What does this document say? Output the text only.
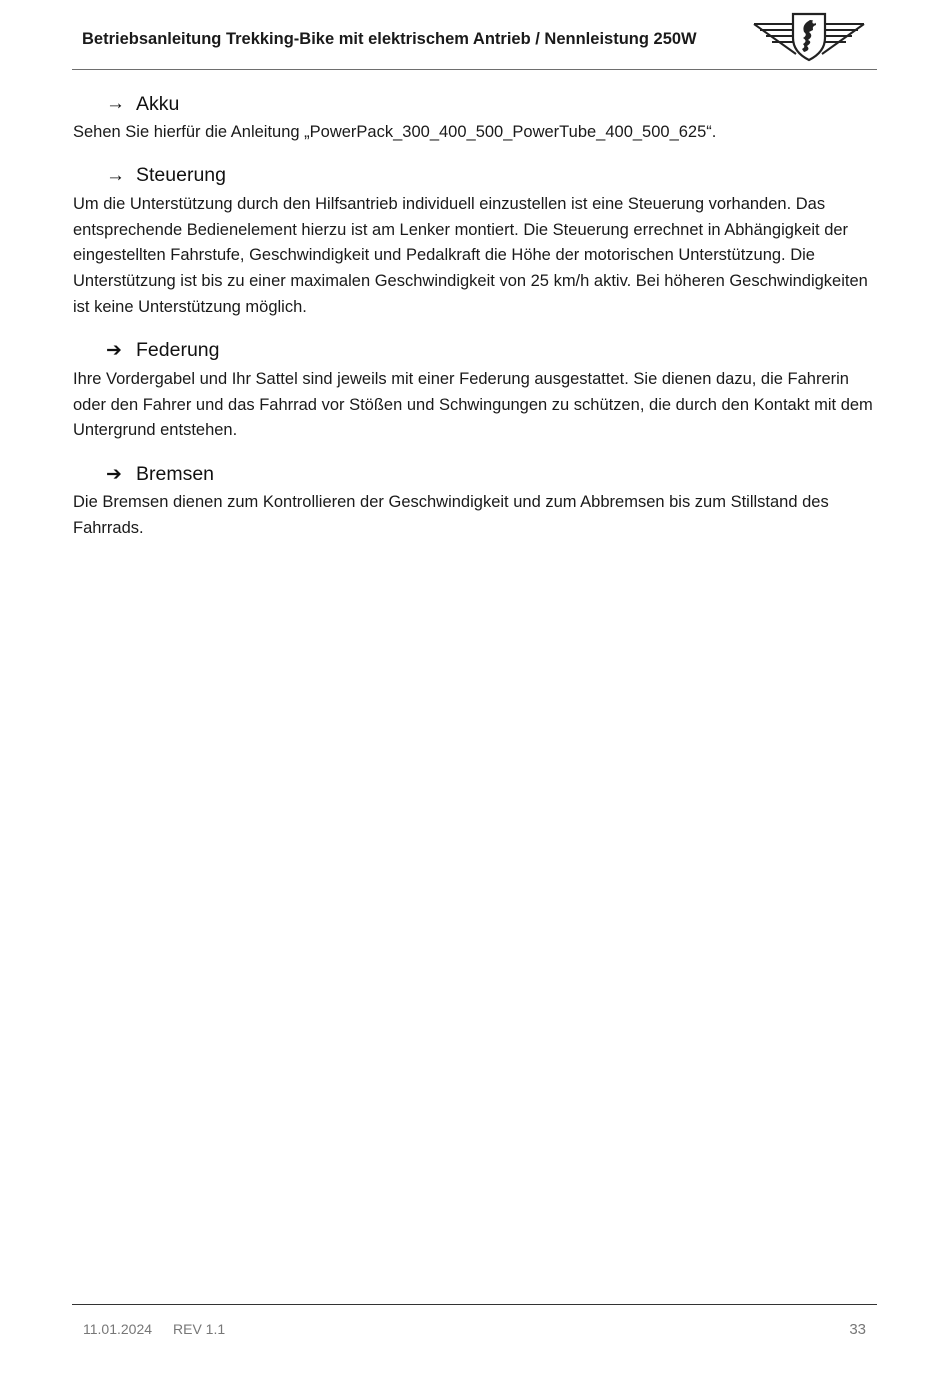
Betriebsanleitung Trekking-Bike mit elektrischem Antrieb / Nennleistung 250W
→ Akku

Sehen Sie hierfür die Anleitung „PowerPack_300_400_500_PowerTube_400_500_625“.

→ Steuerung

Um die Unterstützung durch den Hilfsantrieb individuell einzustellen ist eine Steuerung vorhanden. Das entsprechende Bedienelement hierzu ist am Lenker montiert. Die Steuerung errechnet in Abhängigkeit der eingestellten Fahrstufe, Geschwindigkeit und Pedalkraft die Höhe der motorischen Unterstützung. Die Unterstützung ist bis zu einer maximalen Geschwindigkeit von 25 km/h aktiv. Bei höheren Geschwindigkeiten ist keine Unterstützung möglich.

➔ Federung

Ihre Vordergabel und Ihr Sattel sind jeweils mit einer Federung ausgestattet. Sie dienen dazu, die Fahrerin oder den Fahrer und das Fahrrad vor Stößen und Schwingungen zu schützen, die durch den Kontakt mit dem Untergrund entstehen.

➔ Bremsen

Die Bremsen dienen zum Kontrollieren der Geschwindigkeit und zum Abbremsen bis zum Stillstand des Fahrrads.

11.01.2024 REV 1.1	33
